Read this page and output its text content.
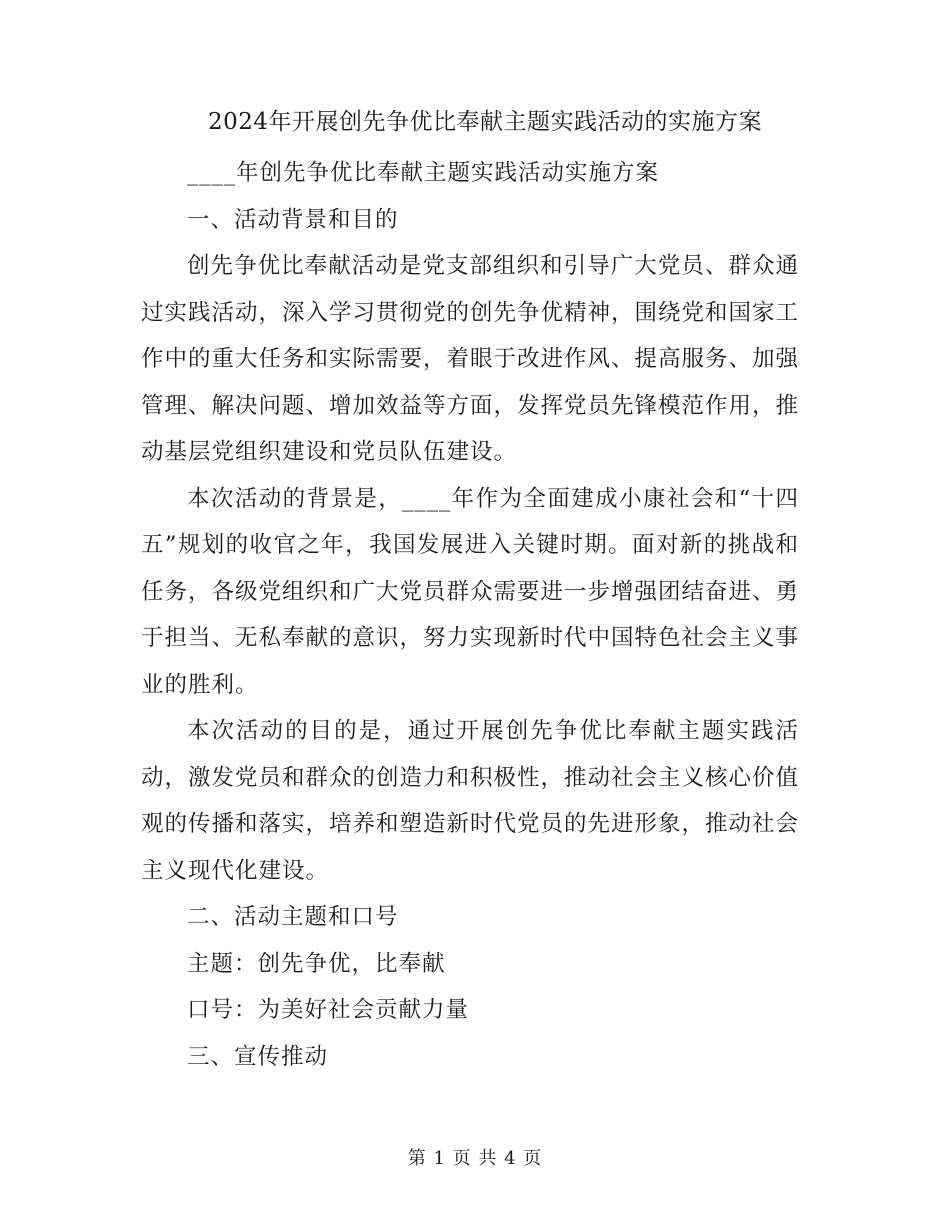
2024年开展创先争优比奉献主题实践活动的实施方案

____年创先争优比奉献主题实践活动实施方案

一、活动背景和目的

创先争优比奉献活动是党支部组织和引导广大党员、群众通过实践活动，深入学习贯彻党的创先争优精神，围绕党和国家工作中的重大任务和实际需要，着眼于改进作风、提高服务、加强管理、解决问题、增加效益等方面，发挥党员先锋模范作用，推动基层党组织建设和党员队伍建设。

本次活动的背景是，____年作为全面建成小康社会和“十四五”规划的收官之年，我国发展进入关键时期。面对新的挑战和任务，各级党组织和广大党员群众需要进一步增强团结奋进、勇于担当、无私奉献的意识，努力实现新时代中国特色社会主义事业的胜利。

本次活动的目的是，通过开展创先争优比奉献主题实践活动，激发党员和群众的创造力和积极性，推动社会主义核心价值观的传播和落实，培养和塑造新时代党员的先进形象，推动社会主义现代化建设。

二、活动主题和口号

主题：创先争优，比奉献

口号：为美好社会贡献力量

三、宣传推动

第 1 页 共 4 页
